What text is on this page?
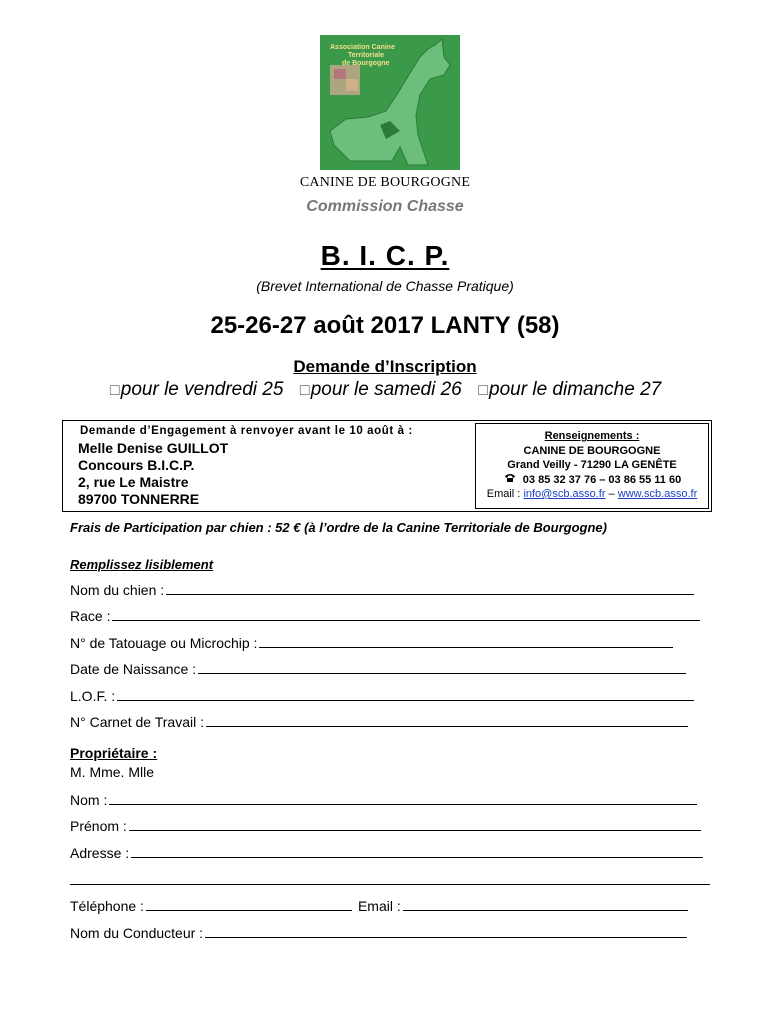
Association Canine
Territoriale
de Bourgogne
CANINE DE BOURGOGNE
Commission Chasse
B. I. C. P.
(Brevet International de Chasse Pratique)
25-26-27 août 2017 LANTY (58)
Demande d’Inscription
□pour le vendredi 25 □pour le samedi 26 □pour le dimanche 27
Demande d’Engagement à renvoyer avant le 10 août à :
Melle Denise GUILLOT
Concours B.I.C.P.
2, rue Le Maistre
89700 TONNERRE
Renseignements :
CANINE DE BOURGOGNE
Grand Veilly - 71290 LA GENÊTE
03 85 32 37 76 – 03 86 55 11 60
Email : info@scb.asso.fr – www.scb.asso.fr
Frais de Participation par chien : 52 € (à l’ordre de la Canine Territoriale de Bourgogne)
Remplissez lisiblement
Nom du chien :
Race :
N° de Tatouage ou Microchip :
Date de Naissance :
L.O.F. :
N° Carnet de Travail :
Propriétaire :
M. Mme. Mlle
Nom :
Prénom :
Adresse :
Téléphone :	Email :
Nom du Conducteur :
